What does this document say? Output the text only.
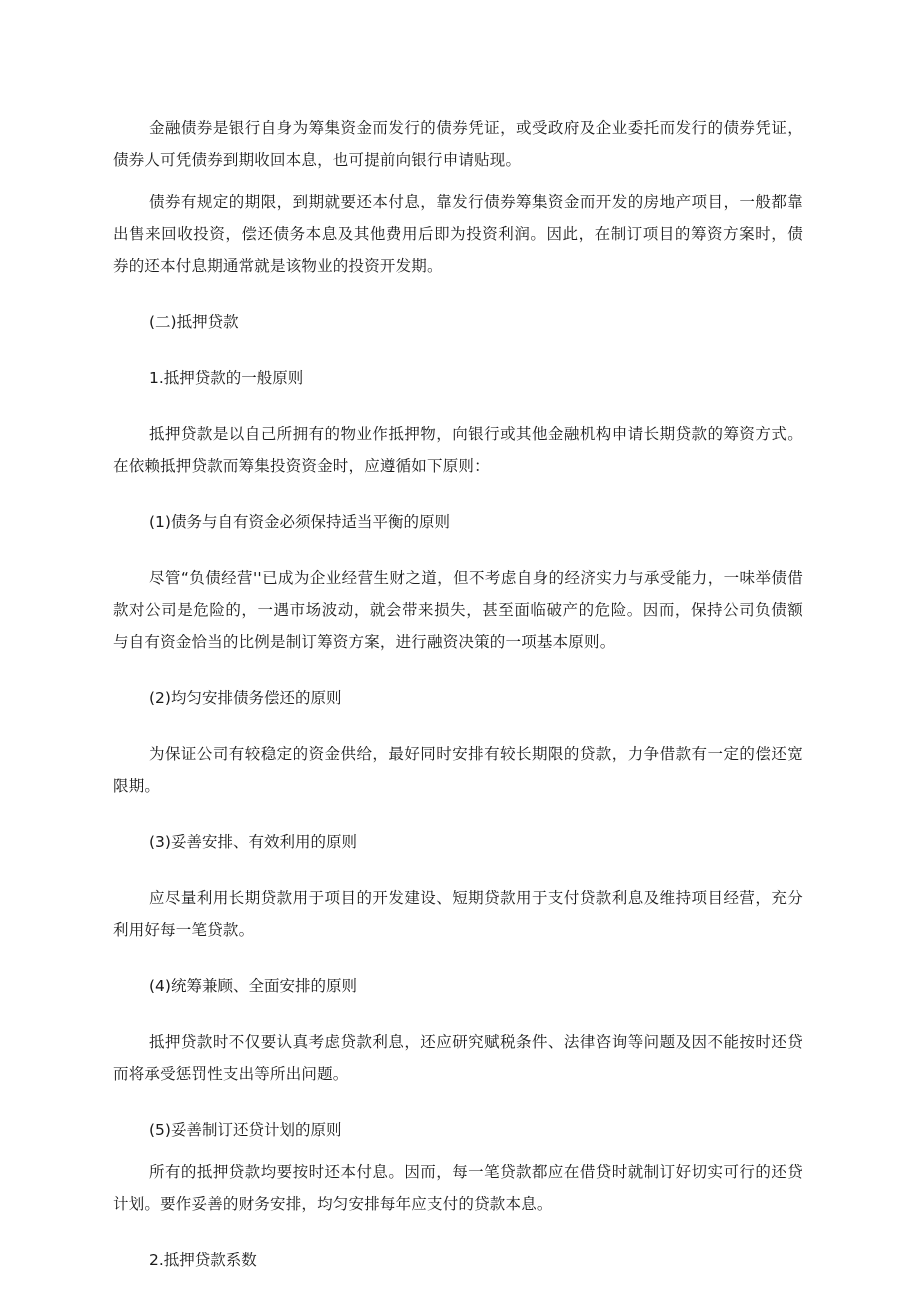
金融债券是银行自身为筹集资金而发行的债券凭证，或受政府及企业委托而发行的债券凭证，债券人可凭债券到期收回本息，也可提前向银行申请贴现。

债券有规定的期限，到期就要还本付息，靠发行债券筹集资金而开发的房地产项目，一般都靠出售来回收投资，偿还债务本息及其他费用后即为投资利润。因此，在制订项目的筹资方案时，债券的还本付息期通常就是该物业的投资开发期。

(二)抵押贷款

1.抵押贷款的一般原则

抵押贷款是以自己所拥有的物业作抵押物，向银行或其他金融机构申请长期贷款的筹资方式。在依赖抵押贷款而筹集投资资金时，应遵循如下原则：

(1)债务与自有资金必须保持适当平衡的原则

尽管“负债经营''已成为企业经营生财之道，但不考虑自身的经济实力与承受能力，一味举债借款对公司是危险的，一遇市场波动，就会带来损失，甚至面临破产的危险。因而，保持公司负债额与自有资金恰当的比例是制订筹资方案，进行融资决策的一项基本原则。

(2)均匀安排债务偿还的原则

为保证公司有较稳定的资金供给，最好同时安排有较长期限的贷款，力争借款有一定的偿还宽限期。

(3)妥善安排、有效利用的原则

应尽量利用长期贷款用于项目的开发建设、短期贷款用于支付贷款利息及维持项目经营，充分利用好每一笔贷款。

(4)统筹兼顾、全面安排的原则

抵押贷款时不仅要认真考虑贷款利息，还应研究赋税条件、法律咨询等问题及因不能按时还贷而将承受惩罚性支出等所出问题。

(5)妥善制订还贷计划的原则

所有的抵押贷款均要按时还本付息。因而，每一笔贷款都应在借贷时就制订好切实可行的还贷计划。要作妥善的财务安排，均匀安排每年应支付的贷款本息。

2.抵押贷款系数
